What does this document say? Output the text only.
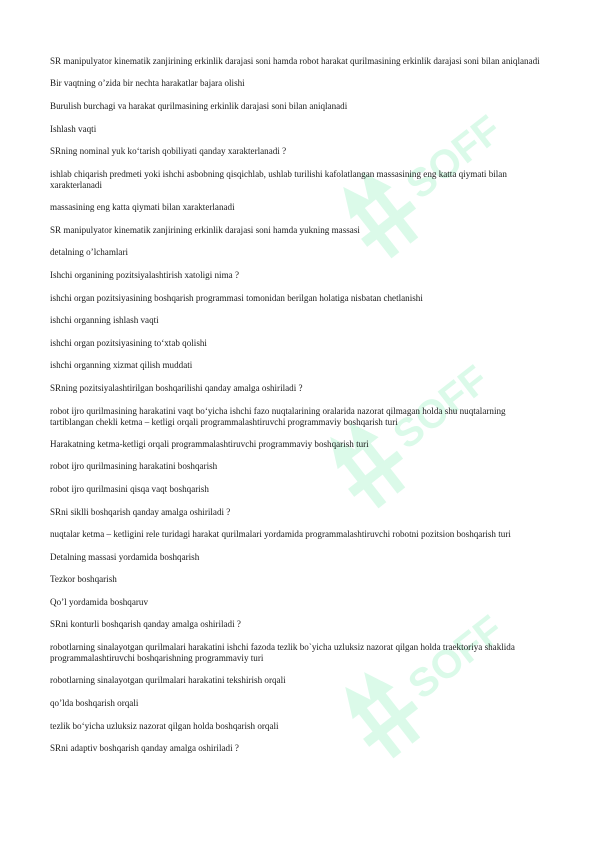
SOFF
SOFF
SOFF

SR manipulyator kinematik zanjirining erkinlik darajasi soni hamda robot harakat qurilmasining erkinlik darajasi soni bilan aniqlanadi

Bir vaqtning o’zida bir nechta harakatlar bajara olishi

Burulish burchagi va harakat qurilmasining erkinlik darajasi soni bilan aniqlanadi

Ishlash vaqti

SRning nominal yuk ko‘tarish qobiliyati qanday xarakterlanadi ?

ishlab chiqarish predmeti yoki ishchi asbobning qisqichlab, ushlab turilishi kafolatlangan massasining eng katta qiymati bilan xarakterlanadi

massasining eng katta qiymati bilan xarakterlanadi

SR manipulyator kinematik zanjirining erkinlik darajasi soni hamda yukning massasi

detalning o’lchamlari

Ishchi organining pozitsiyalashtirish xatoligi nima ?

ishchi organ pozitsiyasining boshqarish programmasi tomonidan berilgan holatiga nisbatan chetlanishi

ishchi organning ishlash vaqti

ishchi organ pozitsiyasining to‘xtab qolishi

ishchi organning xizmat qilish muddati

SRning pozitsiyalashtirilgan boshqarilishi qanday amalga oshiriladi ?

robot ijro qurilmasining harakatini vaqt bo‘yicha ishchi fazo nuqtalarining oralarida nazorat qilmagan holda shu nuqtalarning tartiblangan chekli ketma – ketligi orqali programmalashtiruvchi programmaviy boshqarish turi

Harakatning ketma-ketligi orqali programmalashtiruvchi programmaviy boshqarish turi

robot ijro qurilmasining harakatini boshqarish

robot ijro qurilmasini qisqa vaqt boshqarish

SRni siklli boshqarish qanday amalga oshiriladi ?

nuqtalar ketma – ketligini rele turidagi harakat qurilmalari yordamida programmalashtiruvchi robotni pozitsion boshqarish turi

Detalning massasi yordamida boshqarish

Tezkor boshqarish

Qo’l yordamida boshqaruv

SRni konturli boshqarish qanday amalga oshiriladi ?

robotlarning sinalayotgan qurilmalari harakatini ishchi fazoda tezlik bo`yicha uzluksiz nazorat qilgan holda traektoriya shaklida programmalashtiruvchi boshqarishning programmaviy turi

robotlarning sinalayotgan qurilmalari harakatini tekshirish orqali

qo’lda boshqarish orqali

tezlik bo‘yicha uzluksiz nazorat qilgan holda boshqarish orqali

SRni adaptiv boshqarish qanday amalga oshiriladi ?
